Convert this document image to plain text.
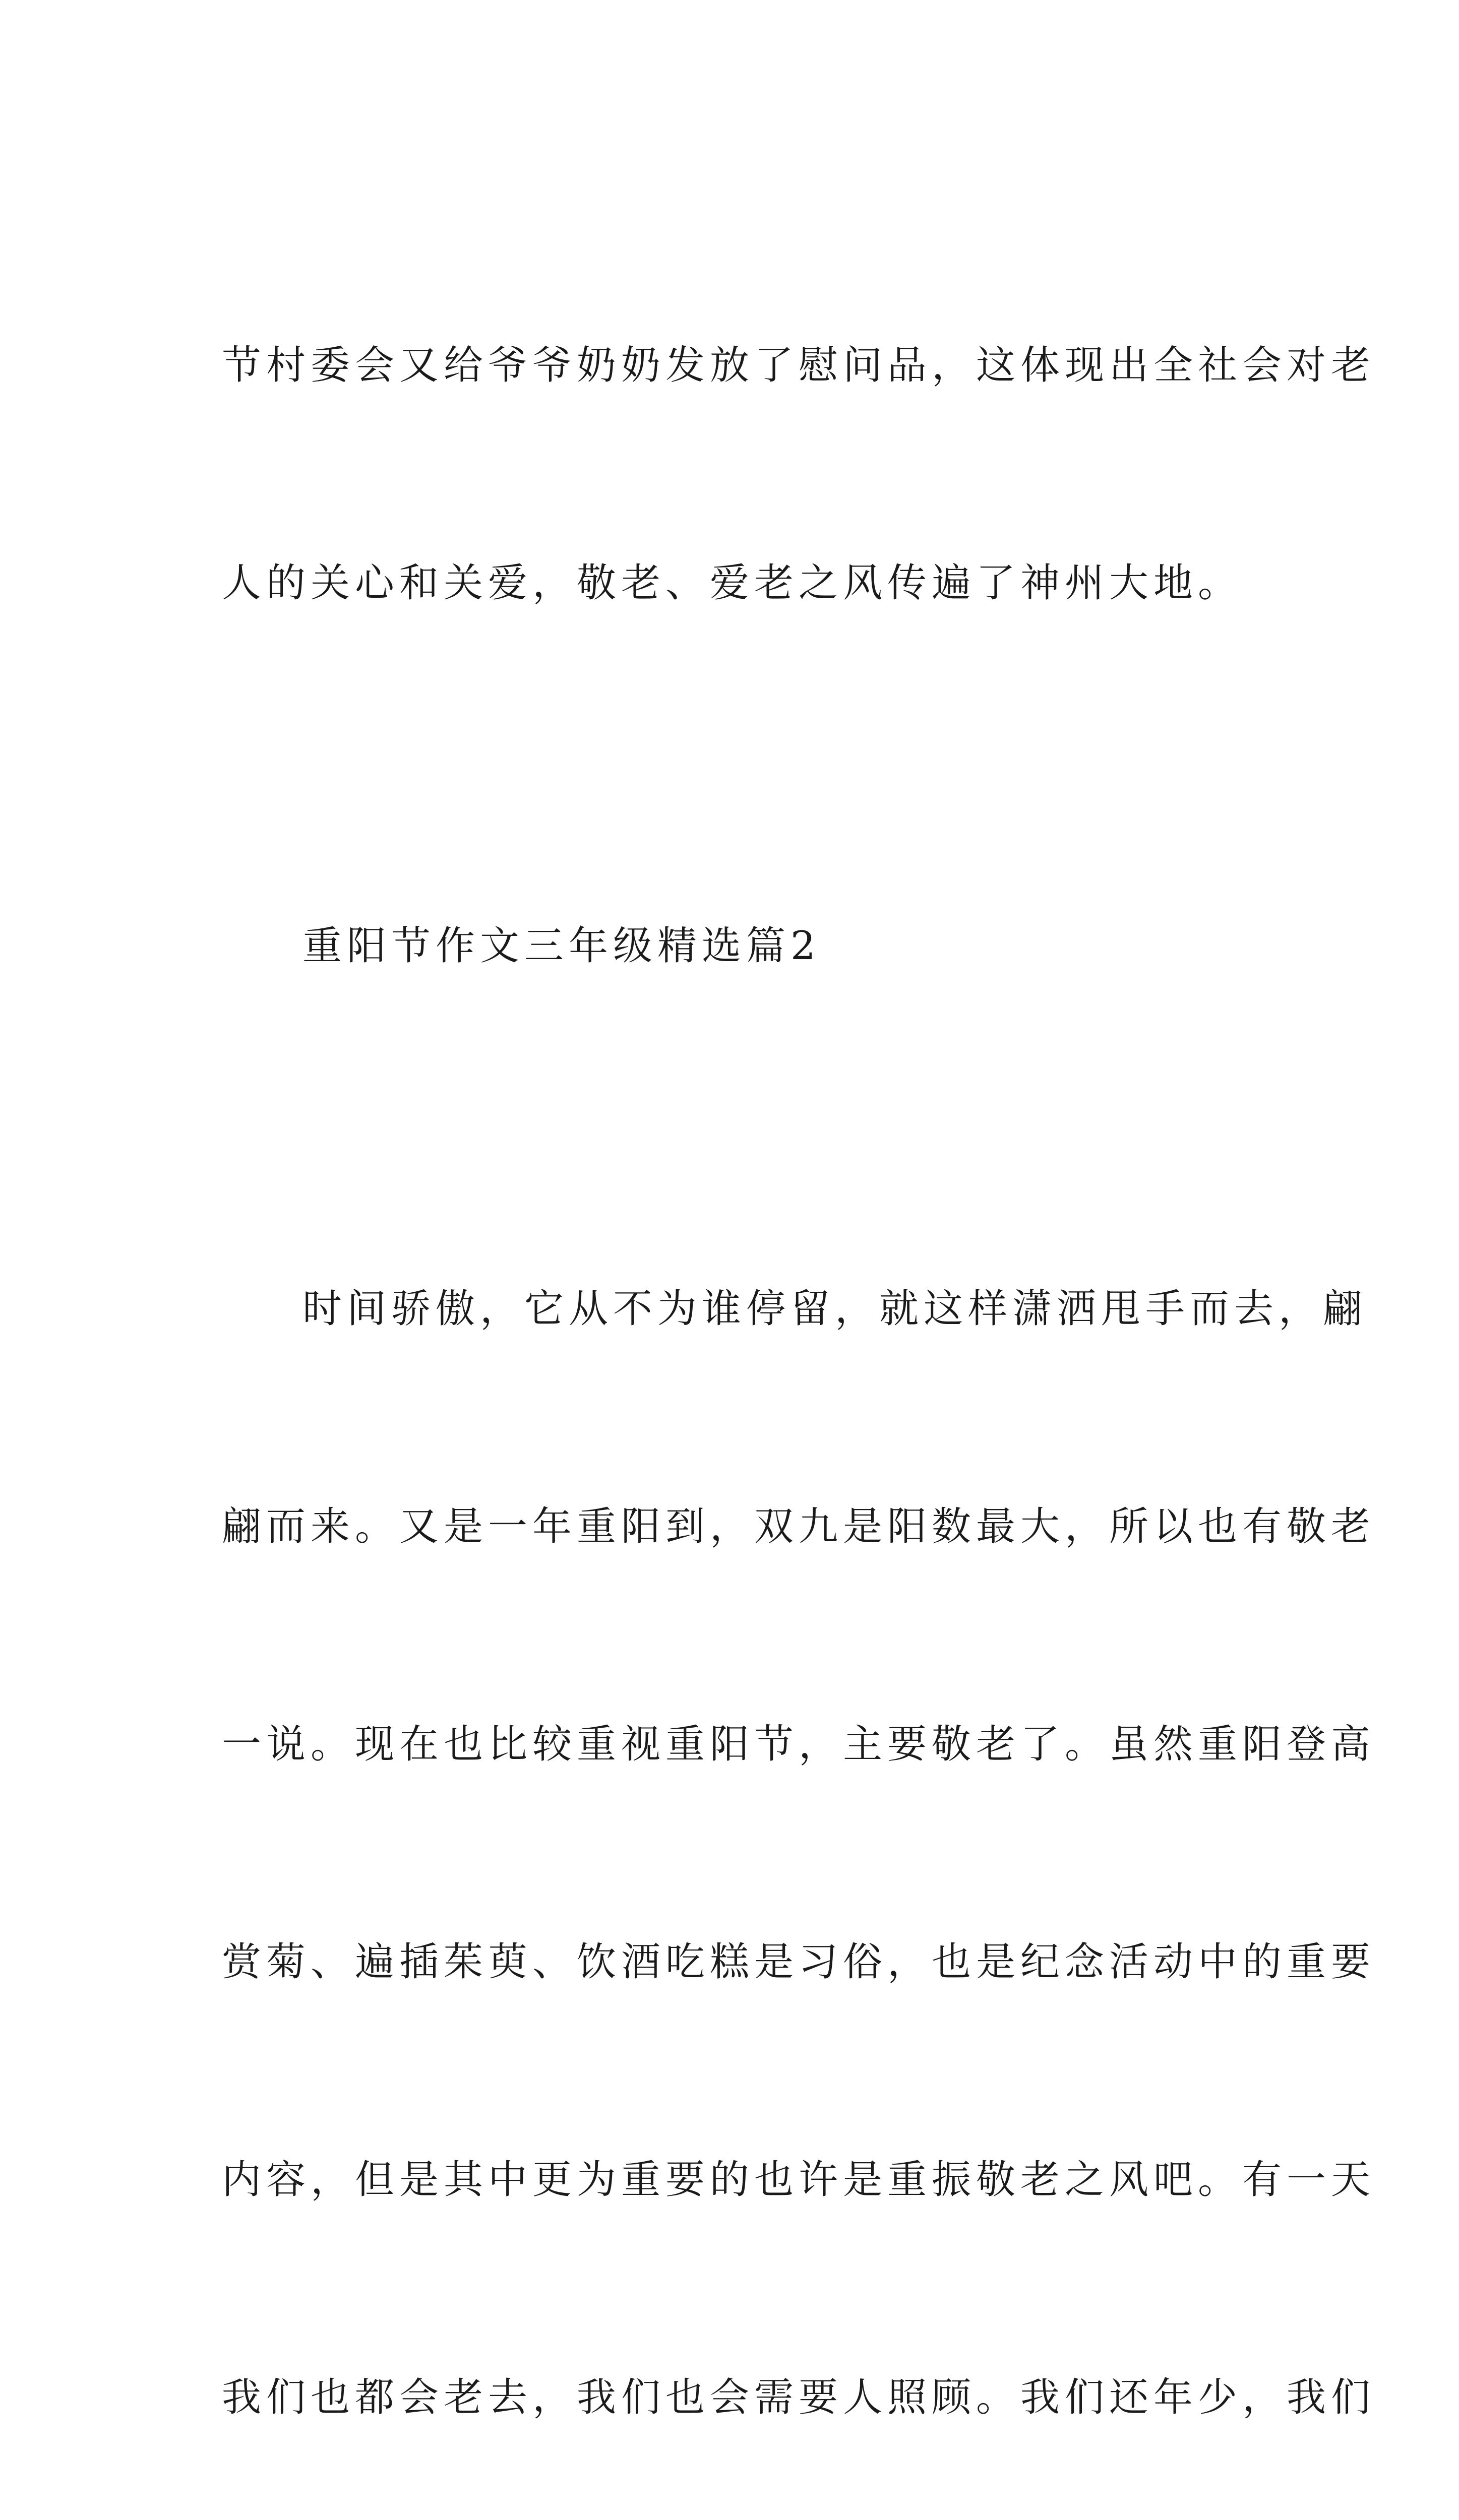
节村委会又给爷爷奶奶发放了慰问品，这体现出全社会对老

人的关心和关爱，敬老、爱老之风传遍了神州大地。

重阳节作文三年级精选篇2

时间骄傲，它从不为谁停留，就这样潇洒甩手而去，翩

翩而来。又是一年重阳到，双九是阳数最大，所以也有敬老

一说。现在也比较重视重阳节，主要敬老了。虽然重阳登高

赏菊、遍插茱萸、饮酒吃糕是习俗，也是纪念活动中的重要

内容，但是其中更为重要的也许是重振敬老之风吧。有一天

我们也都会老去，我们也会需要人照顾。我们还年少，我们
